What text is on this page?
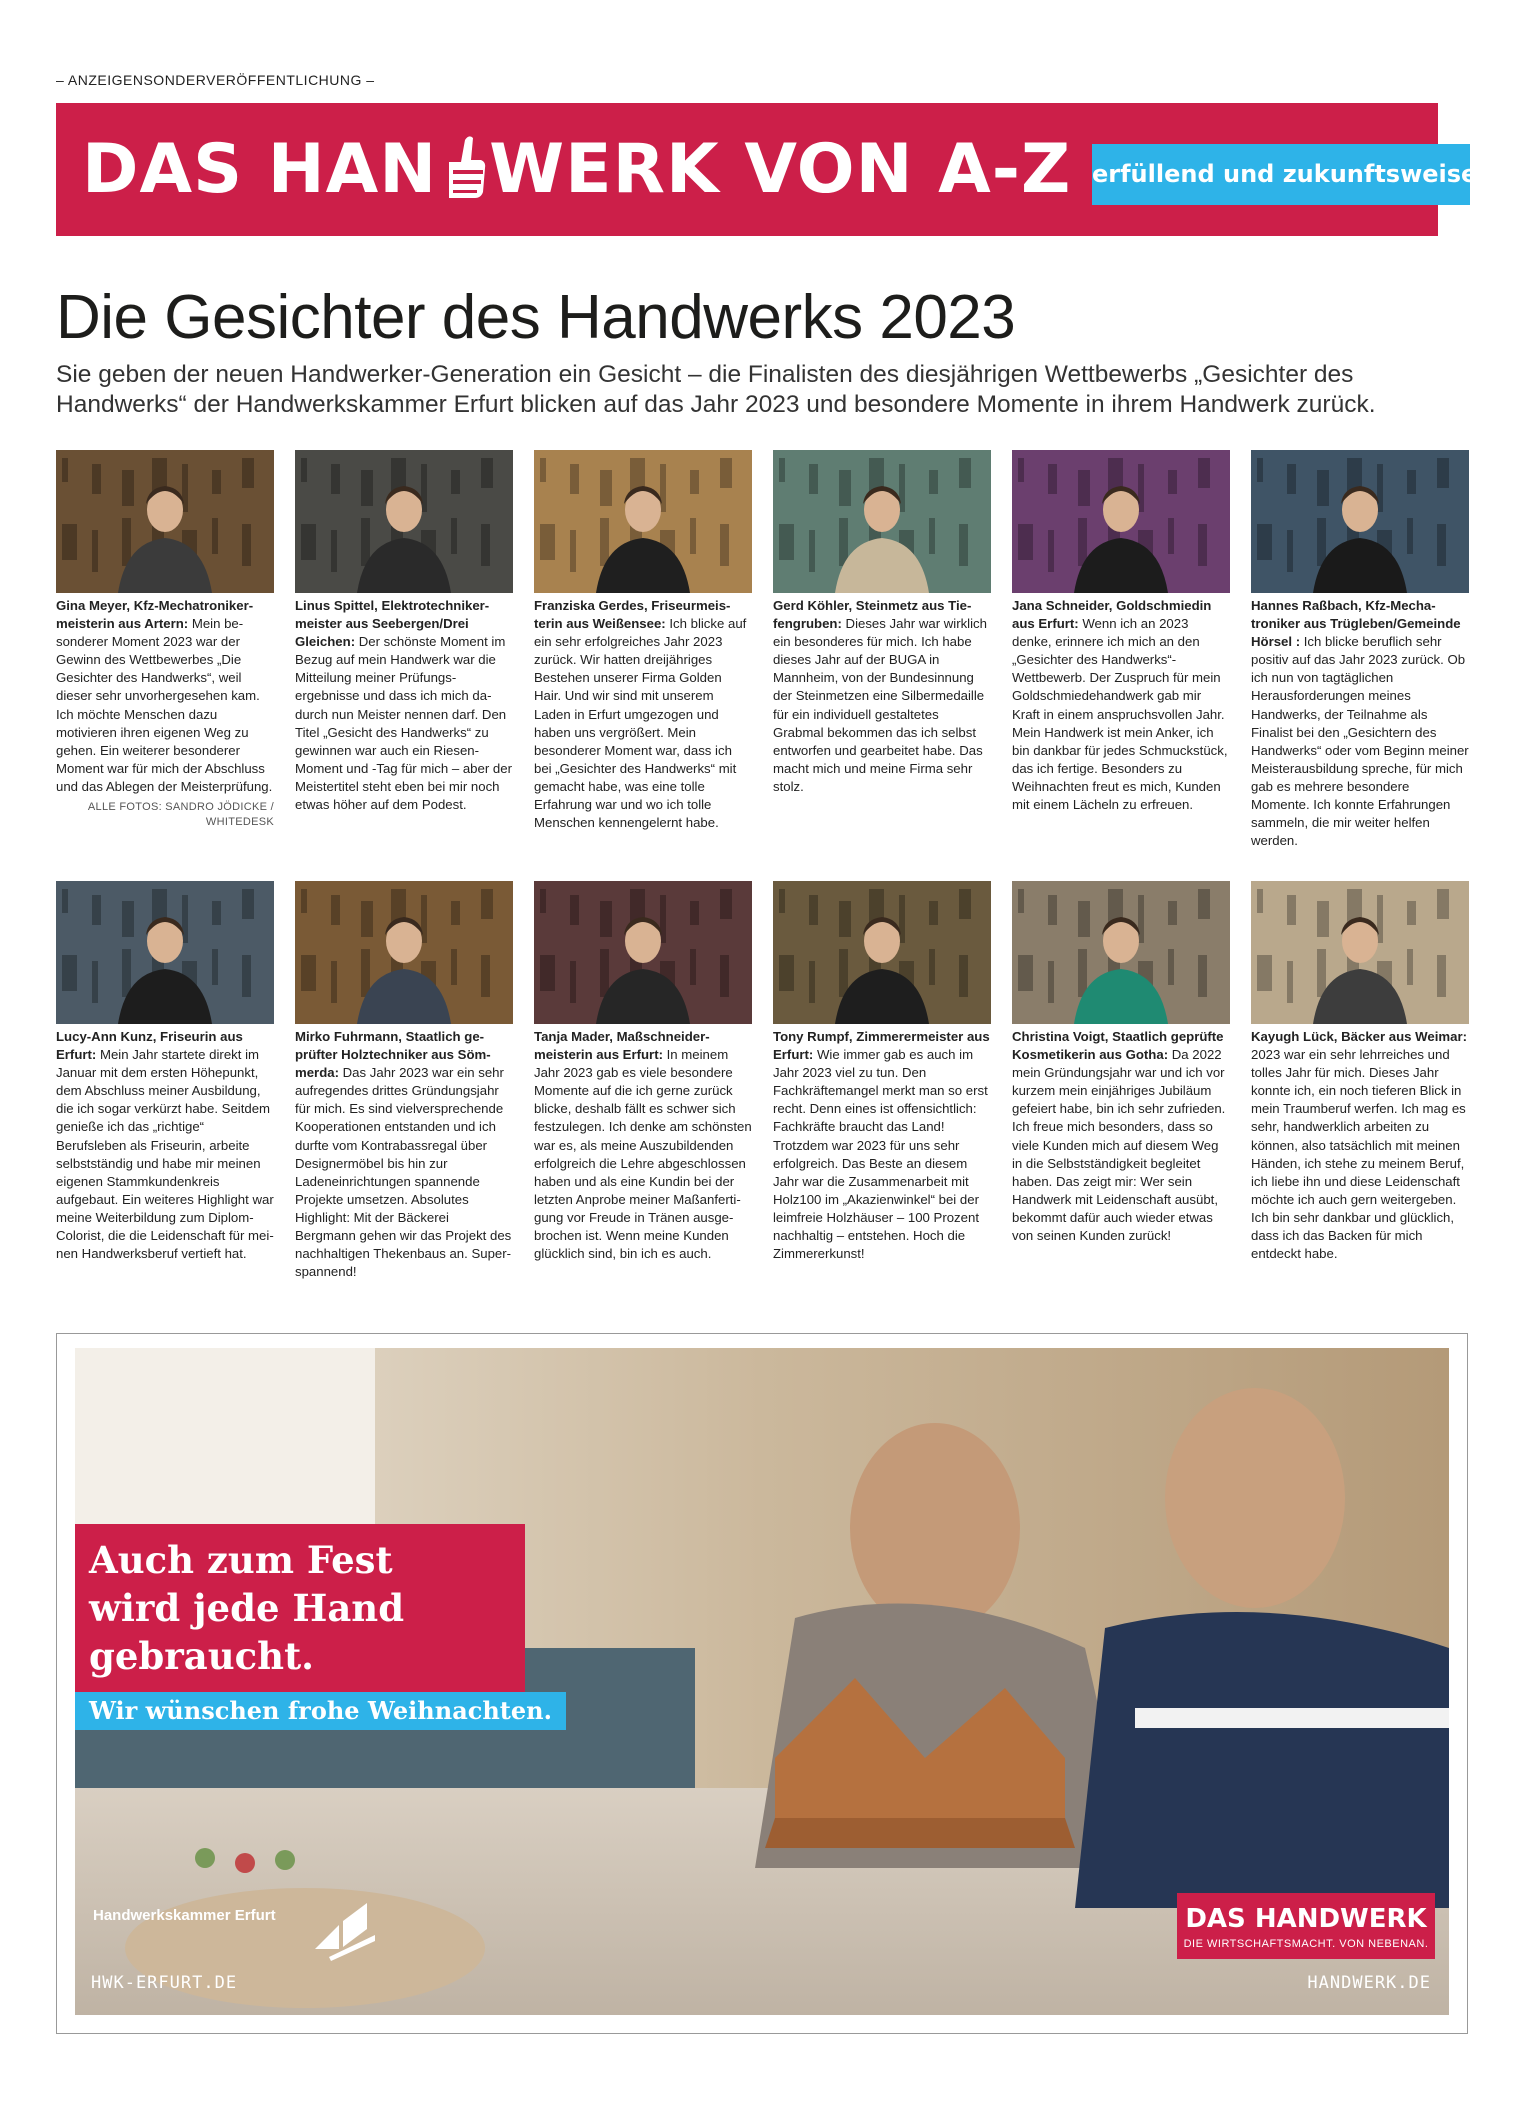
– ANZEIGENSONDERVERÖFFENTLICHUNG –
DAS HAN WERK VON A-Z erfüllend und zukunftsweisend
Die Gesichter des Handwerks 2023

Sie geben der neuen Handwerker-Generation ein Gesicht – die Finalisten des diesjährigen Wettbewerbs „Gesichter des Handwerks“ der Handwerkskammer Erfurt blicken auf das Jahr 2023 und besondere Momente in ihrem Handwerk zurück.

Gina Meyer, Kfz-Mechatronikermeisterin aus Artern: Mein besonderer Moment 2023 war der Gewinn des Wettbewerbes „Die Gesichter des Handwerks“, weil dieser sehr unvorhergesehen kam. Ich möchte Menschen dazu motivieren ihren eigenen Weg zu gehen. Ein weiterer besonderer Moment war für mich der Abschluss und das Ablegen der Meisterprüfung.

ALLE FOTOS: SANDRO JÖDICKE / WHITEDESK

Linus Spittel, Elektrotechnikermeister aus Seebergen/Drei Gleichen: Der schönste Moment im Bezug auf mein Handwerk war die Mitteilung meiner Prüfungsergebnisse und dass ich mich dadurch nun Meister nennen darf. Den Titel „Gesicht des Handwerks“ zu gewinnen war auch ein Riesen-Moment und -Tag für mich – aber der Meistertitel steht eben bei mir noch etwas höher auf dem Podest.

Franziska Gerdes, Friseurmeisterin aus Weißensee: Ich blicke auf ein sehr erfolgreiches Jahr 2023 zurück. Wir hatten dreijähriges Bestehen unserer Firma Golden Hair. Und wir sind mit unserem Laden in Erfurt umgezogen und haben uns vergrößert. Mein besonderer Moment war, dass ich bei „Gesichter des Handwerks“ mit gemacht habe, was eine tolle Erfahrung war und wo ich tolle Menschen kennengelernt habe.

Gerd Köhler, Steinmetz aus Tiefengruben: Dieses Jahr war wirklich ein besonderes für mich. Ich habe dieses Jahr auf der BUGA in Mannheim, von der Bundesinnung der Steinmetzen eine Silbermedaille für ein individuell gestaltetes Grabmal bekommen das ich selbst entworfen und gearbeitet habe. Das macht mich und meine Firma sehr stolz.

Jana Schneider, Goldschmiedin aus Erfurt: Wenn ich an 2023 denke, erinnere ich mich an den „Gesichter des Handwerks“-Wettbewerb. Der Zuspruch für mein Goldschmiedehandwerk gab mir Kraft in einem anspruchsvollen Jahr. Mein Handwerk ist mein Anker, ich bin dankbar für jedes Schmuckstück, das ich fertige. Besonders zu Weihnachten freut es mich, Kunden mit einem Lächeln zu erfreuen.

Hannes Raßbach, Kfz-Mechatroniker aus Trügleben/Gemeinde Hörsel : Ich blicke beruflich sehr positiv auf das Jahr 2023 zurück. Ob ich nun von tagtäglichen Herausforderungen meines Handwerks, der Teilnahme als Finalist bei den „Gesichtern des Handwerks“ oder vom Beginn meiner Meisterausbildung spreche, für mich gab es mehrere besondere Momente. Ich konnte Erfahrungen sammeln, die mir weiter helfen werden.

Lucy-Ann Kunz, Friseurin aus Erfurt: Mein Jahr startete direkt im Januar mit dem ersten Höhepunkt, dem Abschluss meiner Ausbildung, die ich sogar verkürzt habe. Seitdem genieße ich das „richtige“ Berufsleben als Friseurin, arbeite selbstständig und habe mir meinen eigenen Stammkundenkreis aufgebaut. Ein weiteres Highlight war meine Weiterbildung zum Diplom-Colorist, die die Leidenschaft für meinen Handwerksberuf vertieft hat.

Mirko Fuhrmann, Staatlich geprüfter Holztechniker aus Sömmerda: Das Jahr 2023 war ein sehr aufregendes drittes Gründungsjahr für mich. Es sind vielversprechende Kooperationen entstanden und ich durfte vom Kontrabassregal über Designermöbel bis hin zur Ladeneinrichtungen spannende Projekte umsetzen. Absolutes Highlight: Mit der Bäckerei Bergmann gehen wir das Projekt des nachhaltigen Thekenbaus an. Super-spannend!

Tanja Mader, Maßschneidermeisterin aus Erfurt: In meinem Jahr 2023 gab es viele besondere Momente auf die ich gerne zurück blicke, deshalb fällt es schwer sich festzulegen. Ich denke am schönsten war es, als meine Auszubildenden erfolgreich die Lehre abgeschlossen haben und als eine Kundin bei der letzten Anprobe meiner Maßanfertigung vor Freude in Tränen ausgebrochen ist. Wenn meine Kunden glücklich sind, bin ich es auch.

Tony Rumpf, Zimmerermeister aus Erfurt: Wie immer gab es auch im Jahr 2023 viel zu tun. Den Fachkräftemangel merkt man so erst recht. Denn eines ist offensichtlich: Fachkräfte braucht das Land! Trotzdem war 2023 für uns sehr erfolgreich. Das Beste an diesem Jahr war die Zusammenarbeit mit Holz100 im „Akazienwinkel“ bei der leimfreie Holzhäuser – 100 Prozent nachhaltig – entstehen. Hoch die Zimmererkunst!

Christina Voigt, Staatlich geprüfte Kosmetikerin aus Gotha: Da 2022 mein Gründungsjahr war und ich vor kurzem mein einjähriges Jubiläum gefeiert habe, bin ich sehr zufrieden. Ich freue mich besonders, dass so viele Kunden mich auf diesem Weg in die Selbstständigkeit begleitet haben. Das zeigt mir: Wer sein Handwerk mit Leidenschaft ausübt, bekommt dafür auch wieder etwas von seinen Kunden zurück!

Kayugh Lück, Bäcker aus Weimar: 2023 war ein sehr lehrreiches und tolles Jahr für mich. Dieses Jahr konnte ich, ein noch tieferen Blick in mein Traumberuf werfen. Ich mag es sehr, handwerklich arbeiten zu können, also tatsächlich mit meinen Händen, ich stehe zu meinem Beruf, ich liebe ihn und diese Leidenschaft möchte ich auch gern weitergeben. Ich bin sehr dankbar und glücklich, dass ich das Backen für mich entdeckt habe.

Auch zum Fest
wird jede Hand
gebraucht.
Wir wünschen frohe Weihnachten.
Handwerkskammer Erfurt
HWK-ERFURT.DE
DAS HANDWERK
DIE WIRTSCHAFTSMACHT. VON NEBENAN.
HANDWERK.DE
